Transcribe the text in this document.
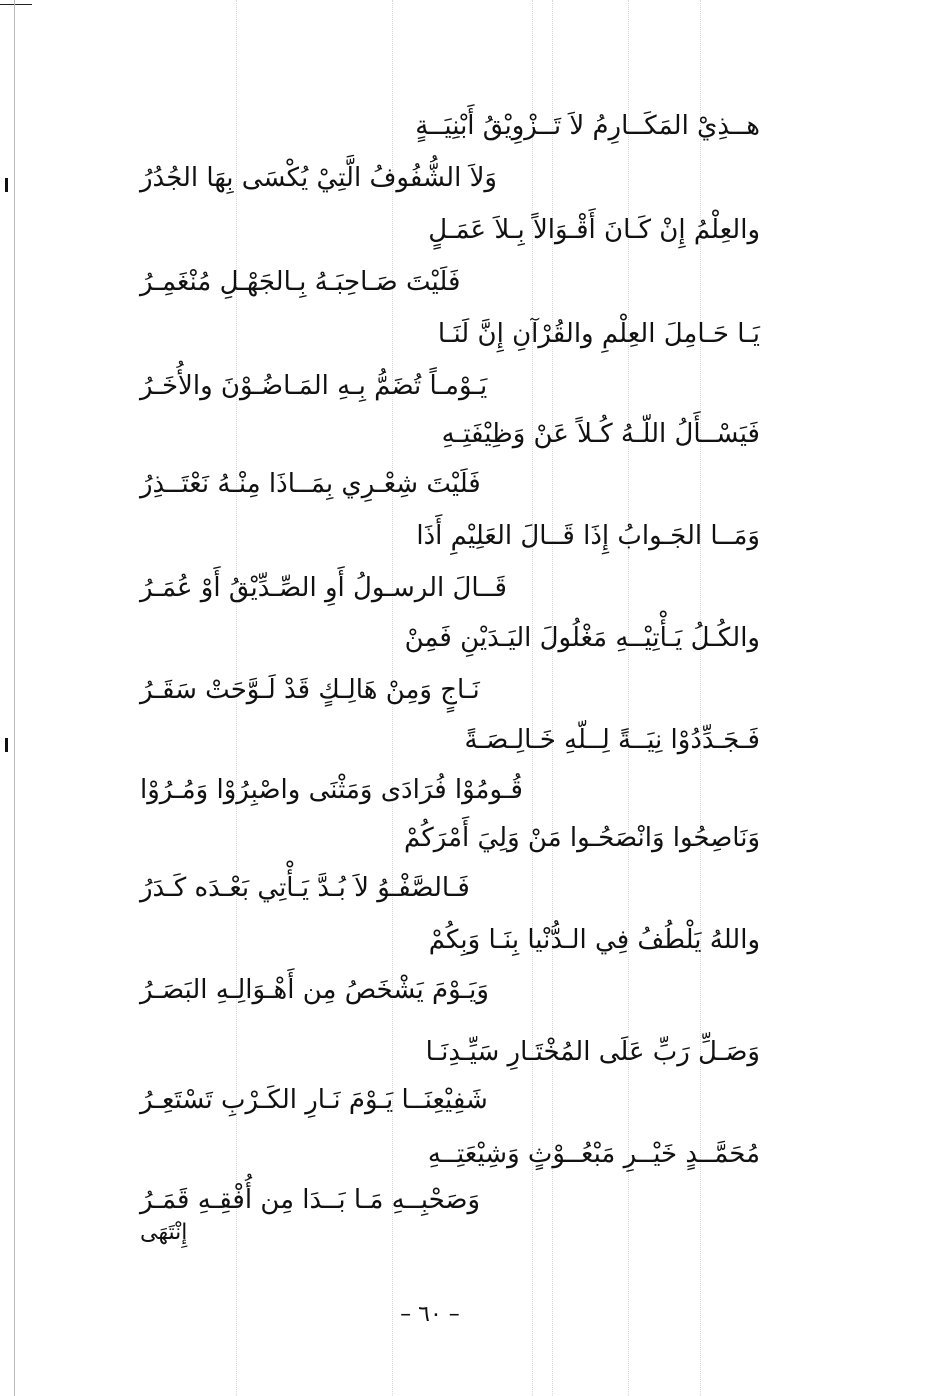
هــذِيْ المَكَــارِمُ لاَ تَــزْوِيْقُ أَبْنِيَــةٍ
وَلاَ الشُّفُوفُ الَّتِيْ يُكْسَى بِهَا الجُدُرُ
والعِلْمُ إِنْ كَـانَ أَقْـوَالاً بِـلاَ عَمَـلٍ
فَلَيْتَ صَـاحِبَـهُ بِـالجَهْـلِ مُنْغَمِـرُ
يَـا حَـامِلَ العِلْمِ والقُرْآنِ إِنَّ لَنَـا
يَـوْمـاً تُضَمُّ بِـهِ المَـاضُـوْنَ والأُخَـرُ
فَيَسْــأَلُ اللّـهُ كُـلاً عَنْ وَظِيْفَتِـهِ
فَلَيْتَ شِعْـرِي بِمَــاذَا مِنْـهُ نَعْتَــذِرُ
وَمَــا الجَـوابُ إِذَا قَــالَ العَلِيْمِ أَذَا
قَــالَ الرسـولُ أَوِ الصِّـدِّيْقُ أَوْ عُمَـرُ
والكُـلُ يَـأْتِيْــهِ مَغْلُولَ اليَـدَيْنِ فَمِنْ
نَـاجٍ وَمِنْ هَالِـكٍ قَدْ لَـوَّحَتْ سَقَـرُ
فَـجَـدِّدُوْا نِيَــةً لِــلّهِ خَـالِـصَـةً
قُـومُوْا فُرَادَى وَمَثْنَى واصْبِرُوْا وَمُـرُوْا
وَنَاصِحُوا وَانْصَحُـوا مَنْ وَلِيَ أَمْرَكُمْ
فَـالصَّفْـوُ لاَ بُـدَّ يَـأْتِي بَعْـدَه كَـدَرُ
واللهُ يَلْطُفُ فِي الـدُّنْيا بِنَـا وَبِكُمْ
وَيَـوْمَ يَشْخَصُ مِن أَهْـوَالِـهِ البَصَـرُ
وَصَـلِّ رَبِّ عَلَى المُخْتَـارِ سَيِّـدِنَـا
شَفِيْعِنَــا يَـوْمَ نَـارِ الكَـرْبِ تَسْتَعِـرُ
مُحَمَّــدٍ خَيْــرِ مَبْعُــوْثٍ وَشِيْعَتِــهِ
وَصَحْبِــهِ مَـا بَــدَا مِن أُفْقِـهِ قَمَـرُ
إِنْتَهَى
– ٦٠ –
